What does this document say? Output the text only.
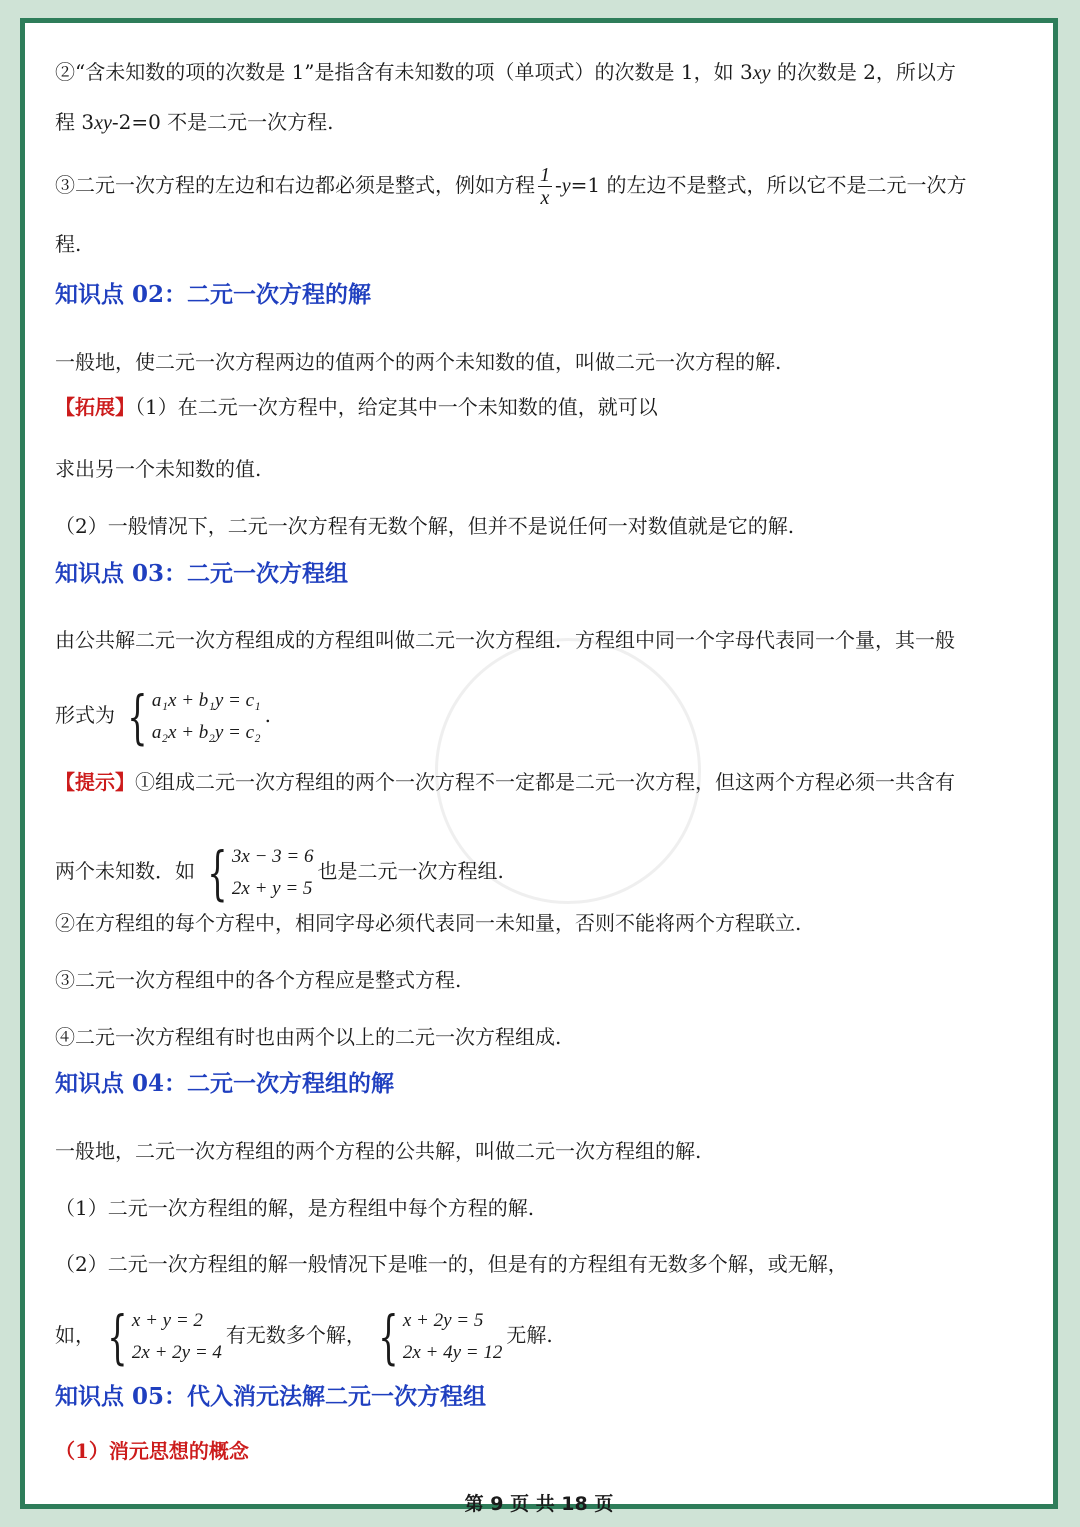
②“含未知数的项的次数是 1”是指含有未知数的项（单项式）的次数是 1，如 3xy 的次数是 2，所以方
程 3xy-2=0 不是二元一次方程.
③二元一次方程的左边和右边都必须是整式，例如方程 $\frac{1}{x} -y=1$ 的左边不是整式，所以它不是二元一次方
程.
知识点 02：二元一次方程的解
一般地，使二元一次方程两边的值两个的两个未知数的值，叫做二元一次方程的解.
【拓展】（1）在二元一次方程中，给定其中一个未知数的值，就可以
求出另一个未知数的值.
（2）一般情况下，二元一次方程有无数个解，但并不是说任何一对数值就是它的解.
知识点 03：二元一次方程组
由公共解二元一次方程组成的方程组叫做二元一次方程组．方程组中同一个字母代表同一个量，其一般
形式为 { a₁x + b₁y = c₁
a₂x + b₂y = c₂
.
【提示】①组成二元一次方程组的两个一次方程不一定都是二元一次方程，但这两个方程必须一共含有
两个未知数．如 { 3x − 3 = 6
2x + y = 5
也是二元一次方程组.
②在方程组的每个方程中，相同字母必须代表同一未知量，否则不能将两个方程联立.
③二元一次方程组中的各个方程应是整式方程.
④二元一次方程组有时也由两个以上的二元一次方程组成.
知识点 04：二元一次方程组的解
一般地，二元一次方程组的两个方程的公共解，叫做二元一次方程组的解.
（1）二元一次方程组的解，是方程组中每个方程的解.
（2）二元一次方程组的解一般情况下是唯一的，但是有的方程组有无数多个解，或无解，
如， { x + y = 2
2x + 2y = 4
有无数多个解， { x + 2y = 5
2x + 4y = 12
无解.
知识点 05：代入消元法解二元一次方程组
（1）消元思想的概念
第 9 页 共 18 页
